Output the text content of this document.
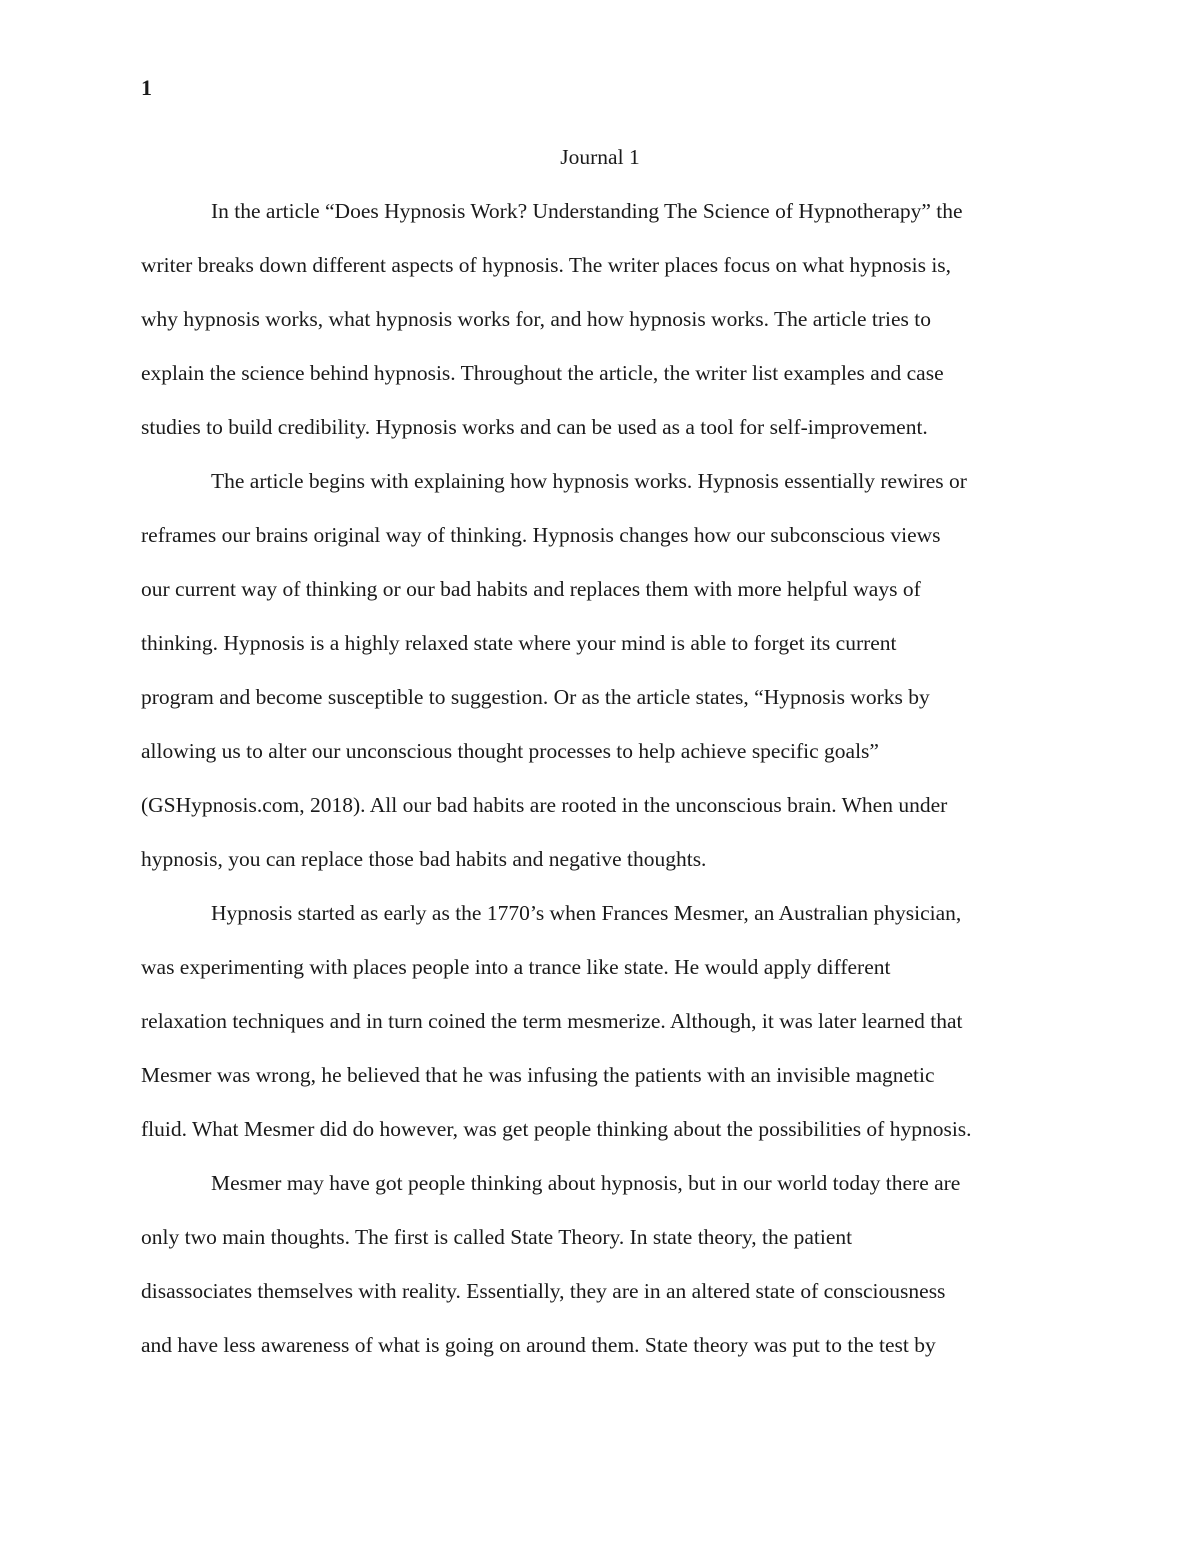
1
Journal 1
In the article “Does Hypnosis Work? Understanding The Science of Hypnotherapy” the
writer breaks down different aspects of hypnosis. The writer places focus on what hypnosis is,
why hypnosis works, what hypnosis works for, and how hypnosis works. The article tries to
explain the science behind hypnosis. Throughout the article, the writer list examples and case
studies to build credibility. Hypnosis works and can be used as a tool for self-improvement.
The article begins with explaining how hypnosis works. Hypnosis essentially rewires or
reframes our brains original way of thinking. Hypnosis changes how our subconscious views
our current way of thinking or our bad habits and replaces them with more helpful ways of
thinking. Hypnosis is a highly relaxed state where your mind is able to forget its current
program and become susceptible to suggestion. Or as the article states, “Hypnosis works by
allowing us to alter our unconscious thought processes to help achieve specific goals”
(GSHypnosis.com, 2018). All our bad habits are rooted in the unconscious brain. When under
hypnosis, you can replace those bad habits and negative thoughts.
Hypnosis started as early as the 1770’s when Frances Mesmer, an Australian physician,
was experimenting with places people into a trance like state. He would apply different
relaxation techniques and in turn coined the term mesmerize. Although, it was later learned that
Mesmer was wrong, he believed that he was infusing the patients with an invisible magnetic
fluid. What Mesmer did do however, was get people thinking about the possibilities of hypnosis.
Mesmer may have got people thinking about hypnosis, but in our world today there are
only two main thoughts. The first is called State Theory. In state theory, the patient
disassociates themselves with reality. Essentially, they are in an altered state of consciousness
and have less awareness of what is going on around them. State theory was put to the test by
